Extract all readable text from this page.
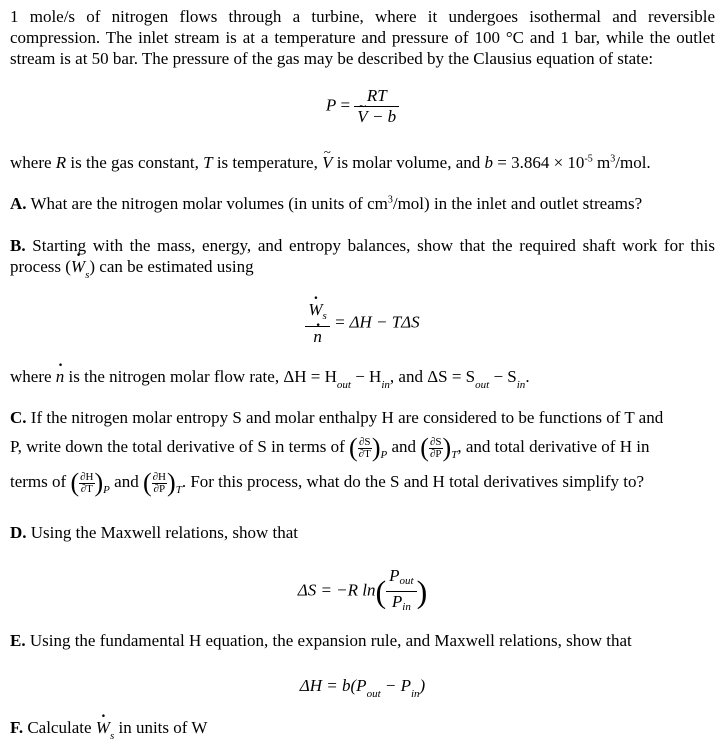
1 mole/s of nitrogen flows through a turbine, where it undergoes isothermal and reversible compression. The inlet stream is at a temperature and pressure of 100 °C and 1 bar, while the outlet stream is at 50 bar. The pressure of the gas may be described by the Clausius equation of state:
P = RT
~ V − b
where R is the gas constant, T is temperature, ~ V is molar volume, and $b = 3.864 \times 10^{-5}$ $m^3$/mol.
A. What are the nitrogen molar volumes (in units of $cm^3/mol$) in the inlet and outlet streams?
B. Starting with the mass, energy, and entropy balances, show that the required shaft work for this process (· $W_s$) can be estimated using
· $W_s$
· n = ΔH − TΔS
where · n is the nitrogen molar flow rate, $\Delta H = H_{out} - H_{in}$, and $\Delta S = S_{out} - S_{in}$.
C. If the nitrogen molar entropy S and molar enthalpy H are considered to be functions of T and
P, write down the total derivative of S in terms of ( $\frac{\partial S}{\partial T} )_P$ and ( $\frac{\partial S}{\partial P} )_T$, and total derivative of H in
terms of ( $\frac{\partial H}{\partial T} )_P$ and ( $\frac{\partial H}{\partial P} )_T$. For this process, what do the S and H total derivatives simplify to?
D. Using the Maxwell relations, show that
ΔS = −R $\ln( \frac{P_{out}}{P_{in}}$ )
E. Using the fundamental H equation, the expansion rule, and Maxwell relations, show that
$\Delta H = b(P_{out} - P_{in})$
F. Calculate · $W_s$ in units of W
